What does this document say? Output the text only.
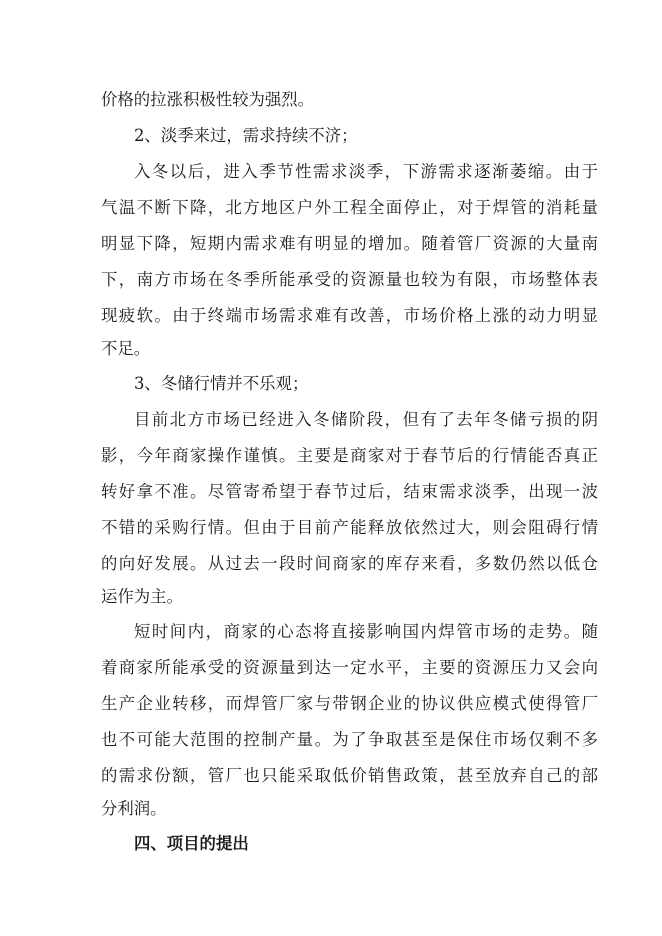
价格的拉涨积极性较为强烈。
2、淡季来过，需求持续不济；
入冬以后，进入季节性需求淡季，下游需求逐渐萎缩。由于
气温不断下降，北方地区户外工程全面停止，对于焊管的消耗量
明显下降，短期内需求难有明显的增加。随着管厂资源的大量南
下，南方市场在冬季所能承受的资源量也较为有限，市场整体表
现疲软。由于终端市场需求难有改善，市场价格上涨的动力明显
不足。
3、冬储行情并不乐观；
目前北方市场已经进入冬储阶段，但有了去年冬储亏损的阴
影，今年商家操作谨慎。主要是商家对于春节后的行情能否真正
转好拿不准。尽管寄希望于春节过后，结束需求淡季，出现一波
不错的采购行情。但由于目前产能释放依然过大，则会阻碍行情
的向好发展。从过去一段时间商家的库存来看，多数仍然以低仓
运作为主。
短时间内，商家的心态将直接影响国内焊管市场的走势。随
着商家所能承受的资源量到达一定水平，主要的资源压力又会向
生产企业转移，而焊管厂家与带钢企业的协议供应模式使得管厂
也不可能大范围的控制产量。为了争取甚至是保住市场仅剩不多
的需求份额，管厂也只能采取低价销售政策，甚至放弃自己的部
分利润。
四、项目的提出
